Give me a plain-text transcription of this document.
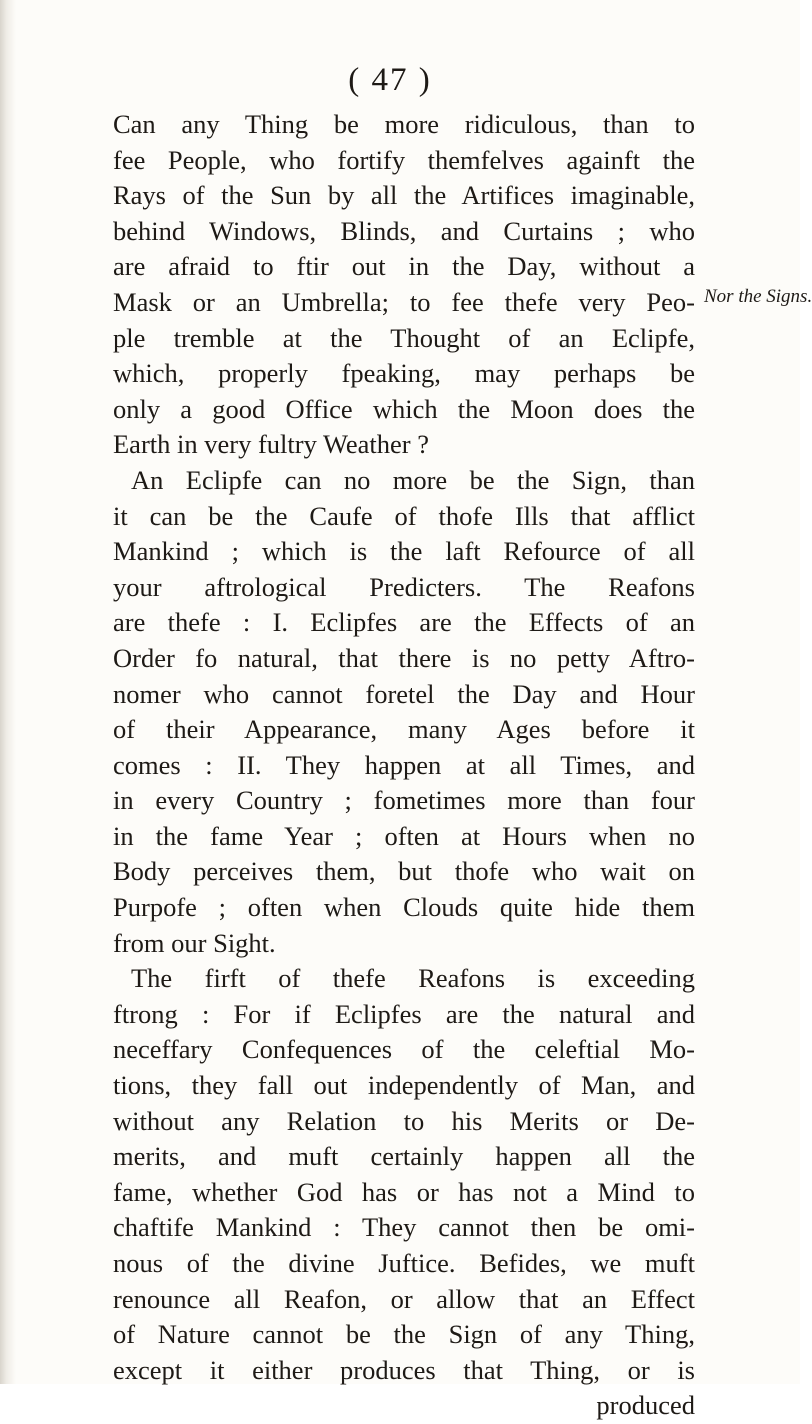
( 47 )
Nor the Signs.
Can any Thing be more ridiculous, than to
fee People, who fortify themfelves againft the
Rays of the Sun by all the Artifices imaginable,
behind Windows, Blinds, and Curtains ; who
are afraid to ftir out in the Day, without a
Mask or an Umbrella; to fee thefe very Peo-
ple tremble at the Thought of an Eclipfe,
which, properly fpeaking, may perhaps be
only a good Office which the Moon does the
Earth in very fultry Weather ?
An Eclipfe can no more be the Sign, than
it can be the Caufe of thofe Ills that afflict
Mankind ; which is the laft Refource of all
your aftrological Predicters. The Reafons
are thefe : I. Eclipfes are the Effects of an
Order fo natural, that there is no petty Aftro-
nomer who cannot foretel the Day and Hour
of their Appearance, many Ages before it
comes : II. They happen at all Times, and
in every Country ; fometimes more than four
in the fame Year ; often at Hours when no
Body perceives them, but thofe who wait on
Purpofe ; often when Clouds quite hide them
from our Sight.
The firft of thefe Reafons is exceeding
ftrong : For if Eclipfes are the natural and
neceffary Confequences of the celeftial Mo-
tions, they fall out independently of Man, and
without any Relation to his Merits or De-
merits, and muft certainly happen all the
fame, whether God has or has not a Mind to
chaftife Mankind : They cannot then be omi-
nous of the divine Juftice. Befides, we muft
renounce all Reafon, or allow that an Effect
of Nature cannot be the Sign of any Thing,
except it either produces that Thing, or is
produced
